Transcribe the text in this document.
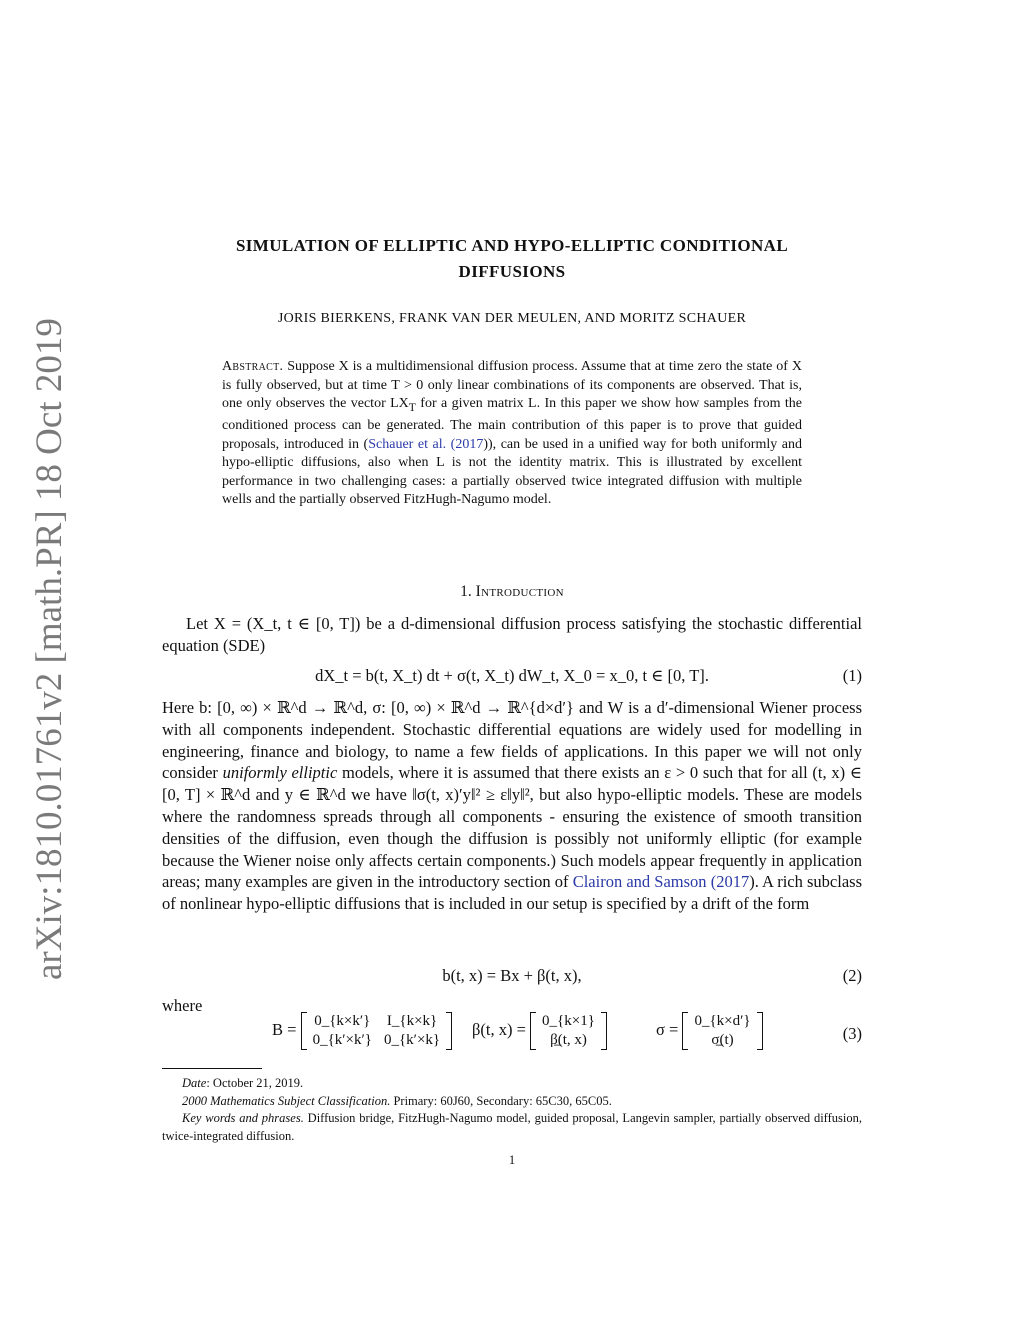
arXiv:1810.01761v2 [math.PR] 18 Oct 2019
SIMULATION OF ELLIPTIC AND HYPO-ELLIPTIC CONDITIONAL
DIFFUSIONS
JORIS BIERKENS, FRANK VAN DER MEULEN, AND MORITZ SCHAUER
Abstract. Suppose X is a multidimensional diffusion process. Assume that at time zero the state of X is fully observed, but at time T > 0 only linear combinations of its components are observed. That is, one only observes the vector $LX_T$ for a given matrix L. In this paper we show how samples from the conditioned process can be generated. The main contribution of this paper is to prove that guided proposals, introduced in (Schauer et al. (2017)), can be used in a unified way for both uniformly and hypo-elliptic diffusions, also when L is not the identity matrix. This is illustrated by excellent performance in two challenging cases: a partially observed twice integrated diffusion with multiple wells and the partially observed FitzHugh-Nagumo model.
1. Introduction

Let X = (X_t, t ∈ [0, T]) be a d-dimensional diffusion process satisfying the stochastic differential equation (SDE)

dX_t = b(t, X_t) dt + σ(t, X_t) dW_t, X_0 = x_0, t ∈ [0, T].	(1)
Here b: [0, ∞) × ℝ^d → ℝ^d, σ: [0, ∞) × ℝ^d → ℝ^{d×d′} and W is a d′-dimensional Wiener process with all components independent. Stochastic differential equations are widely used for modelling in engineering, finance and biology, to name a few fields of applications. In this paper we will not only consider uniformly elliptic models, where it is assumed that there exists an ε > 0 such that for all (t, x) ∈ [0, T] × ℝ^d and y ∈ ℝ^d we have ‖σ(t, x)′y‖² ≥ ε‖y‖², but also hypo-elliptic models. These are models where the randomness spreads through all components - ensuring the existence of smooth transition densities of the diffusion, even though the diffusion is possibly not uniformly elliptic (for example because the Wiener noise only affects certain components.) Such models appear frequently in application areas; many examples are given in the introductory section of Clairon and Samson (2017). A rich subclass of nonlinear hypo-elliptic diffusions that is included in our setup is specified by a drift of the form
b(t, x) = Bx + β(t, x),	(2)
where
B = 0_{k×k′}	I_{k×k}
0_{k′×k′}	0_{k′×k}
β(t, x) = 0_{k×1}
β̲(t, x)
σ = 0_{k×d′}
σ̲(t)	(3)

Date: October 21, 2019.

2000 Mathematics Subject Classification. Primary: 60J60, Secondary: 65C30, 65C05.

Key words and phrases. Diffusion bridge, FitzHugh-Nagumo model, guided proposal, Langevin sampler, partially observed diffusion, twice-integrated diffusion.

1
